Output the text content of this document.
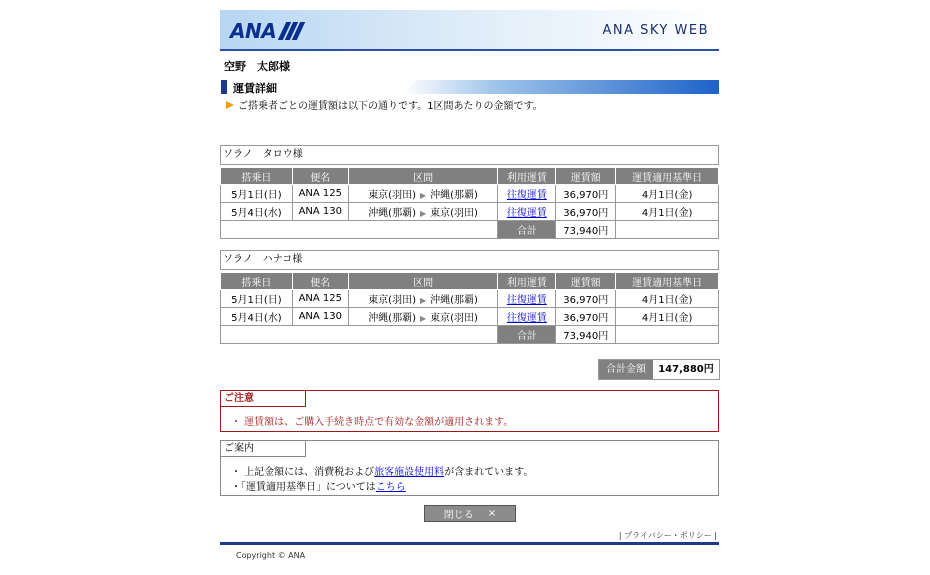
ANA	ANA SKY WEB
空野　太郎様
運賃詳細
ご搭乗者ごとの運賃額は以下の通りです。1区間あたりの金額です。
ソラノ　タロウ様
搭乗日	便名	区間	利用運賃	運賃額	運賃適用基準日
5月1日(日)	ANA 125	東京(羽田) ▶ 沖縄(那覇)	往復運賃	36,970円	4月1日(金)
5月4日(水)	ANA 130	沖縄(那覇) ▶ 東京(羽田)	往復運賃	36,970円	4月1日(金)
			合計	73,940円	
ソラノ　ハナコ様
搭乗日	便名	区間	利用運賃	運賃額	運賃適用基準日
5月1日(日)	ANA 125	東京(羽田) ▶ 沖縄(那覇)	往復運賃	36,970円	4月1日(金)
5月4日(水)	ANA 130	沖縄(那覇) ▶ 東京(羽田)	往復運賃	36,970円	4月1日(金)
			合計	73,940円	
合計金額	147,880円
ご注意
・ 運賃額は、ご購入手続き時点で有効な金額が適用されます。
ご案内
・ 上記金額には、消費税および旅客施設使用料が含まれています。
・「運賃適用基準日」についてはこちら
閉じる ×
| プライバシー・ポリシー |
Copyright © ANA
